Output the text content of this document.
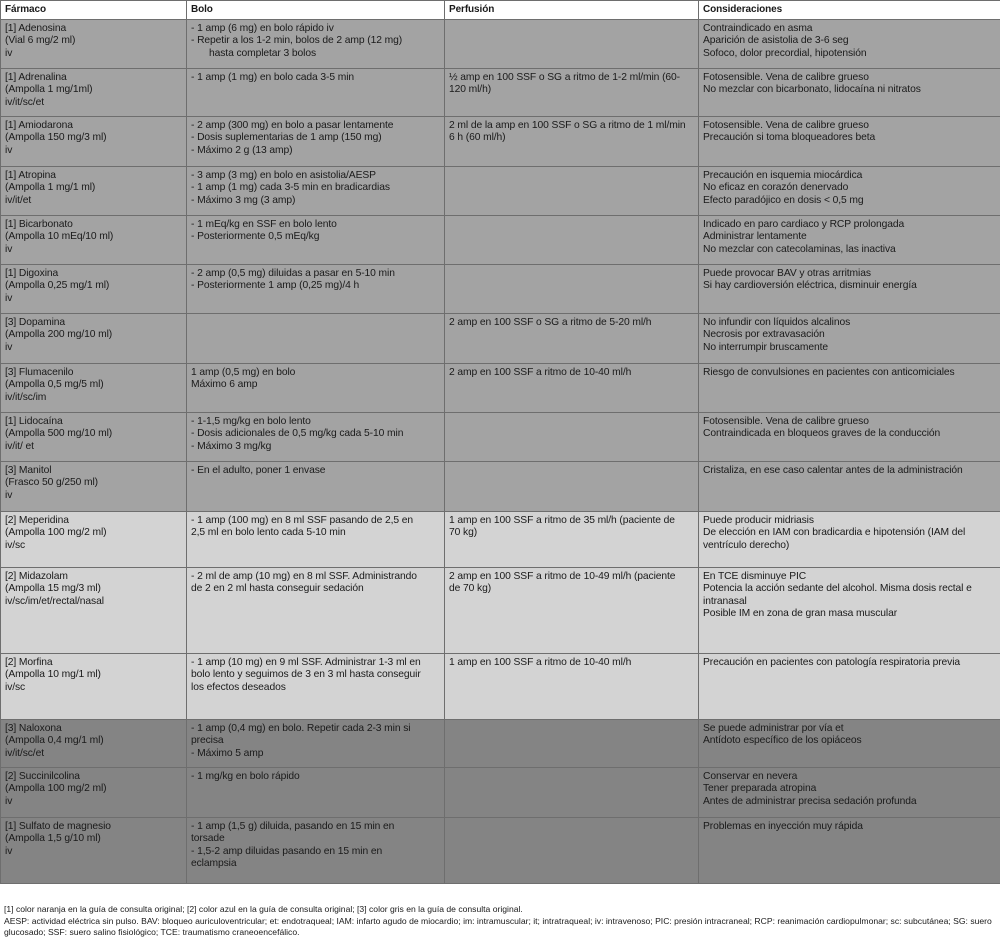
Fármaco	Bolo	Perfusión	Consideraciones

[1] Adenosina
(Vial 6 mg/2 ml)
iv	- 1 amp (6 mg) en bolo rápido iv
- Repetir a los 1-2 min, bolos de 2 amp (12 mg)
hasta completar 3 bolos		Contraindicado en asma
Aparición de asistolia de 3-6 seg
Sofoco, dolor precordial, hipotensión

[1] Adrenalina
(Ampolla 1 mg/1ml)
iv/it/sc/et	- 1 amp (1 mg) en bolo cada 3-5 min	½ amp en 100 SSF o SG a ritmo de 1-2 ml/min (60-
120 ml/h)	Fotosensible. Vena de calibre grueso
No mezclar con bicarbonato, lidocaína ni nitratos

[1] Amiodarona
(Ampolla 150 mg/3 ml)
iv	- 2 amp (300 mg) en bolo a pasar lentamente
- Dosis suplementarias de 1 amp (150 mg)
- Máximo 2 g (13 amp)	2 ml de la amp en 100 SSF o SG a ritmo de 1 ml/min
6 h (60 ml/h)	Fotosensible. Vena de calibre grueso
Precaución si toma bloqueadores beta

[1] Atropina
(Ampolla 1 mg/1 ml)
iv/it/et	- 3 amp (3 mg) en bolo en asistolia/AESP
- 1 amp (1 mg) cada 3-5 min en bradicardias
- Máximo 3 mg (3 amp)		Precaución en isquemia miocárdica
No eficaz en corazón denervado
Efecto paradójico en dosis < 0,5 mg

[1] Bicarbonato
(Ampolla 10 mEq/10 ml)
iv	- 1 mEq/kg en SSF en bolo lento
- Posteriormente 0,5 mEq/kg		Indicado en paro cardiaco y RCP prolongada
Administrar lentamente
No mezclar con catecolaminas, las inactiva

[1] Digoxina
(Ampolla 0,25 mg/1 ml)
iv	- 2 amp (0,5 mg) diluidas a pasar en 5-10 min
- Posteriormente 1 amp (0,25 mg)/4 h		Puede provocar BAV y otras arritmias
Si hay cardioversión eléctrica, disminuir energía

[3] Dopamina
(Ampolla 200 mg/10 ml)
iv		2 amp en 100 SSF o SG a ritmo de 5-20 ml/h	No infundir con líquidos alcalinos
Necrosis por extravasación
No interrumpir bruscamente

[3] Flumacenilo
(Ampolla 0,5 mg/5 ml)
iv/it/sc/im	1 amp (0,5 mg) en bolo
Máximo 6 amp	2 amp en 100 SSF a ritmo de 10-40 ml/h	Riesgo de convulsiones en pacientes con anticomiciales

[1] Lidocaína
(Ampolla 500 mg/10 ml)
iv/it/ et	- 1-1,5 mg/kg en bolo lento
- Dosis adicionales de 0,5 mg/kg cada 5-10 min
- Máximo 3 mg/kg		Fotosensible. Vena de calibre grueso
Contraindicada en bloqueos graves de la conducción

[3] Manitol
(Frasco 50 g/250 ml)
iv	- En el adulto, poner 1 envase		Cristaliza, en ese caso calentar antes de la administración

[2] Meperidina
(Ampolla 100 mg/2 ml)
iv/sc	- 1 amp (100 mg) en 8 ml SSF pasando de 2,5 en
2,5 ml en bolo lento cada 5-10 min	1 amp en 100 SSF a ritmo de 35 ml/h (paciente de
70 kg)	Puede producir midriasis
De elección en IAM con bradicardia e hipotensión (IAM del
ventrículo derecho)

[2] Midazolam
(Ampolla 15 mg/3 ml)
iv/sc/im/et/rectal/nasal	- 2 ml de amp (10 mg) en 8 ml SSF. Administrando
de 2 en 2 ml hasta conseguir sedación	2 amp en 100 SSF a ritmo de 10-49 ml/h (paciente
de 70 kg)	En TCE disminuye PIC
Potencia la acción sedante del alcohol. Misma dosis rectal e
intranasal
Posible IM en zona de gran masa muscular

[2] Morfina
(Ampolla 10 mg/1 ml)
iv/sc	- 1 amp (10 mg) en 9 ml SSF. Administrar 1-3 ml en
bolo lento y seguimos de 3 en 3 ml hasta conseguir
los efectos deseados	1 amp en 100 SSF a ritmo de 10-40 ml/h	Precaución en pacientes con patología respiratoria previa

[3] Naloxona
(Ampolla 0,4 mg/1 ml)
iv/it/sc/et	- 1 amp (0,4 mg) en bolo. Repetir cada 2-3 min si
precisa
- Máximo 5 amp		Se puede administrar por vía et
Antídoto específico de los opiáceos

[2] Succinilcolina
(Ampolla 100 mg/2 ml)
iv	- 1 mg/kg en bolo rápido		Conservar en nevera
Tener preparada atropina
Antes de administrar precisa sedación profunda

[1] Sulfato de magnesio
(Ampolla 1,5 g/10 ml)
iv	- 1 amp (1,5 g) diluida, pasando en 15 min en
torsade
- 1,5-2 amp diluidas pasando en 15 min en
eclampsia		Problemas en inyección muy rápida

[1] color naranja en la guía de consulta original; [2] color azul en la guía de consulta original; [3] color gris en la guía de consulta original.

AESP: actividad eléctrica sin pulso. BAV: bloqueo auriculoventricular; et: endotraqueal; IAM: infarto agudo de miocardio; im: intramuscular; it; intratraqueal; iv: intravenoso; PIC: presión intracraneal; RCP: reanimación cardiopulmonar; sc: subcutánea; SG: suero glucosado; SSF: suero salino fisiológico; TCE: traumatismo craneoencefálico.
